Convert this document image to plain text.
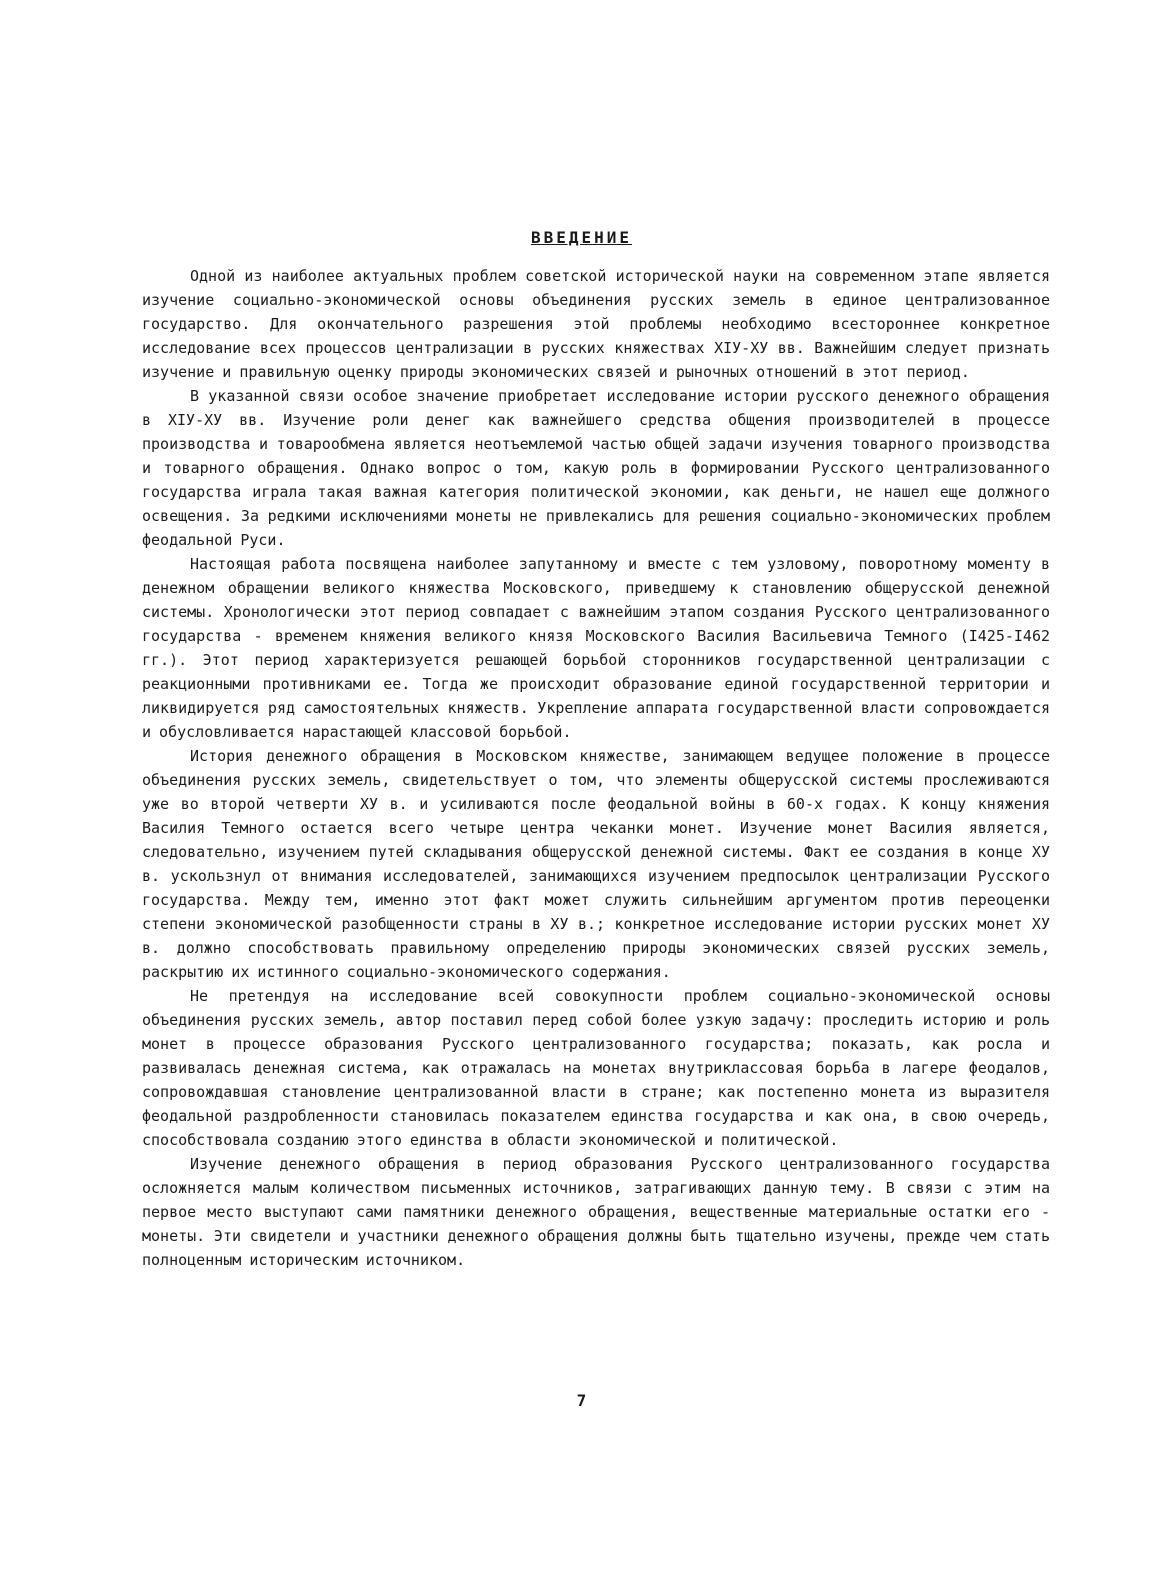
ВВЕДЕНИЕ

Одной из наиболее актуальных проблем советской исторической науки на современном этапе является изучение социально-экономической основы объединения русских земель в единое централизованное государство. Для окончательного разрешения этой проблемы необходимо всестороннее конкретное исследование всех процессов централизации в русских княжествах XIУ-ХУ вв. Важнейшим следует признать изучение и правильную оценку природы экономических связей и рыночных отношений в этот период.

В указанной связи особое значение приобретает исследование истории русского денежного обращения в XIУ-ХУ вв. Изучение роли денег как важнейшего средства общения производителей в процессе производства и товарообмена является неотъемлемой частью общей задачи изучения товарного производства и товарного обращения. Однако вопрос о том, какую роль в формировании Русского централизованного государства играла такая важная категория политической экономии, как деньги, не нашел еще должного освещения. За редкими исключениями монеты не привлекались для решения социально-экономических проблем феодальной Руси.

Настоящая работа посвящена наиболее запутанному и вместе с тем узловому, поворотному моменту в денежном обращении великого княжества Московского, приведшему к становлению общерусской денежной системы. Хронологически этот период совпадает с важнейшим этапом создания Русского централизованного государства - временем княжения великого князя Московского Василия Васильевича Темного (I425-I462 гг.). Этот период характеризуется решающей борьбой сторонников государственной централизации с реакционными противниками ее. Тогда же происходит образование единой государственной территории и ликвидируется ряд самостоятельных княжеств. Укрепление аппарата государственной власти сопровождается и обусловливается нарастающей классовой борьбой.

История денежного обращения в Московском княжестве, занимающем ведущее положение в процессе объединения русских земель, свидетельствует о том, что элементы общерусской системы прослеживаются уже во второй четверти ХУ в. и усиливаются после феодальной войны в 60-х годах. К концу княжения Василия Темного остается всего четыре центра чеканки монет. Изучение монет Василия является, следовательно, изучением путей складывания общерусской денежной системы. Факт ее создания в конце ХУ в. ускользнул от внимания исследователей, занимающихся изучением предпосылок централизации Русского государства. Между тем, именно этот факт может служить сильнейшим аргументом против переоценки степени экономической разобщенности страны в ХУ в.; конкретное исследование истории русских монет ХУ в. должно способствовать правильному определению природы экономических связей русских земель, раскрытию их истинного социально-экономического содержания.

Не претендуя на исследование всей совокупности проблем социально-экономической основы объединения русских земель, автор поставил перед собой более узкую задачу: проследить историю и роль монет в процессе образования Русского централизованного государства; показать, как росла и развивалась денежная система, как отражалась на монетах внутриклассовая борьба в лагере феодалов, сопровождавшая становление централизованной власти в стране; как постепенно монета из выразителя феодальной раздробленности становилась показателем единства государства и как она, в свою очередь, способствовала созданию этого единства в области экономической и политической.

Изучение денежного обращения в период образования Русского централизованного государства осложняется малым количеством письменных источников, затрагивающих данную тему. В связи с этим на первое место выступают сами памятники денежного обращения, вещественные материальные остатки его - монеты. Эти свидетели и участники денежного обращения должны быть тщательно изучены, прежде чем стать полноценным историческим источником.

7
